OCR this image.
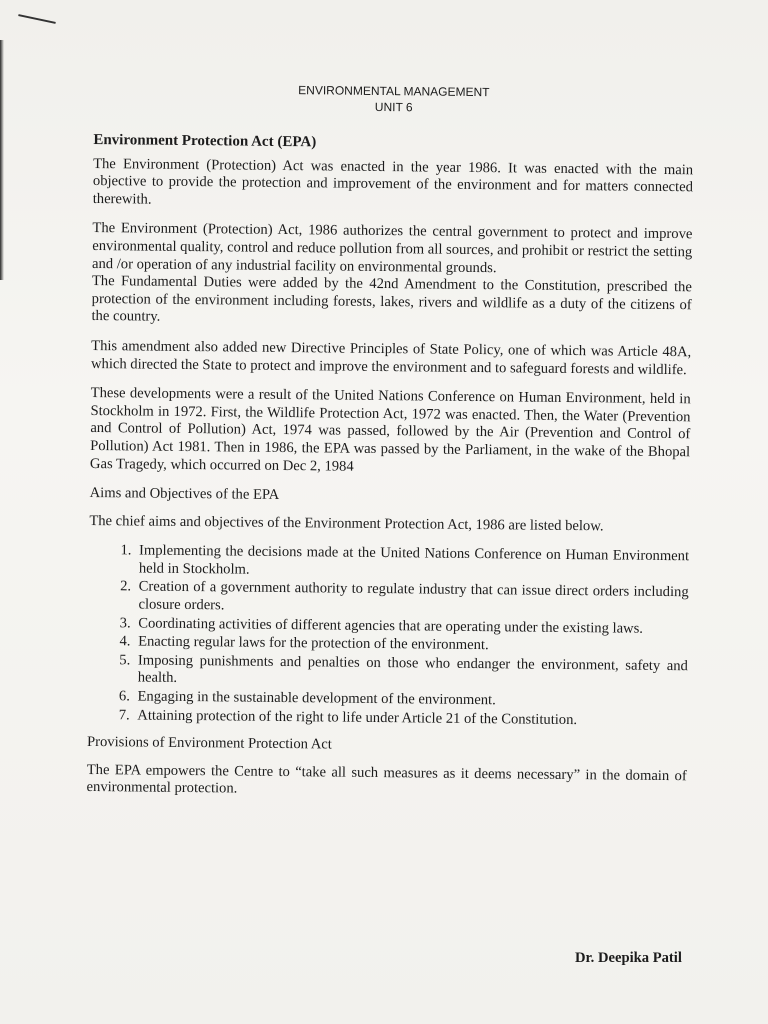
ENVIRONMENTAL MANAGEMENT
UNIT 6
Environment Protection Act (EPA)

The Environment (Protection) Act was enacted in the year 1986. It was enacted with the main objective to provide the protection and improvement of the environment and for matters connected therewith.

The Environment (Protection) Act, 1986 authorizes the central government to protect and improve environmental quality, control and reduce pollution from all sources, and prohibit or restrict the setting and /or operation of any industrial facility on environmental grounds.

The Fundamental Duties were added by the 42nd Amendment to the Constitution, prescribed the protection of the environment including forests, lakes, rivers and wildlife as a duty of the citizens of the country.

This amendment also added new Directive Principles of State Policy, one of which was Article 48A, which directed the State to protect and improve the environment and to safeguard forests and wildlife.

These developments were a result of the United Nations Conference on Human Environment, held in Stockholm in 1972. First, the Wildlife Protection Act, 1972 was enacted. Then, the Water (Prevention and Control of Pollution) Act, 1974 was passed, followed by the Air (Prevention and Control of Pollution) Act 1981. Then in 1986, the EPA was passed by the Parliament, in the wake of the Bhopal Gas Tragedy, which occurred on Dec 2, 1984

Aims and Objectives of the EPA
The chief aims and objectives of the Environment Protection Act, 1986 are listed below.
1. Implementing the decisions made at the United Nations Conference on Human Environment held in Stockholm.
2. Creation of a government authority to regulate industry that can issue direct orders including closure orders.
3. Coordinating activities of different agencies that are operating under the existing laws.
4. Enacting regular laws for the protection of the environment.
5. Imposing punishments and penalties on those who endanger the environment, safety and health.
6. Engaging in the sustainable development of the environment.
7. Attaining protection of the right to life under Article 21 of the Constitution.
Provisions of Environment Protection Act

The EPA empowers the Centre to “take all such measures as it deems necessary” in the domain of environmental protection.

Dr. Deepika Patil
